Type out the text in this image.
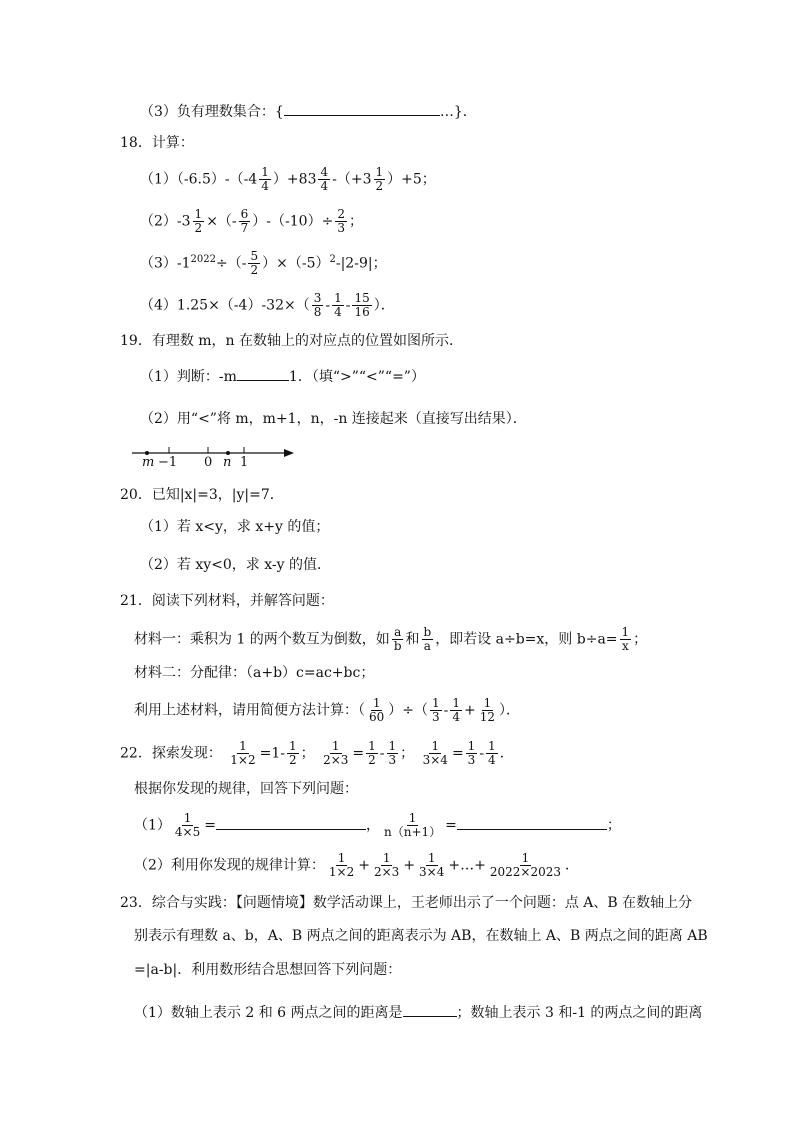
（3）负有理数集合：{	…}．
18．计算：
$(1)(-6.5)-(-4 \frac{1}{4} )+83 \frac{4}{4} -(+3 \frac{1}{2} )+5$；
$(2)-3 \frac{1}{2}$ ×（- $\frac{6}{7} )-(-10)\div \frac{2}{3}$ ；
$(3)-1^{2022}\div(- \frac{5}{2} )\times(-5)^2-|2-9|$；
$(4)1.25\times(-4)-32\times( \frac{3}{8} - \frac{1}{4} - \frac{15}{16}$ ）．
19．有理数 m，n 在数轴上的对应点的位置如图所示．
（1）判断：-m	1．（填“>”“<”“=”）
（2）用“<”将 m，m+1，n，-n 连接起来（直接写出结果）．
m −1 0 n 1
20．已知|x|=3，|y|=7．
（1）若 x<y，求 x+y 的值；
（2）若 xy<0，求 x-y 的值．
21．阅读下列材料，并解答问题：
材料一：乘积为 1 的两个数互为倒数，如 $\frac{a}{b}$ 和 $\frac{b}{a}$ ，即若设 a÷b=x，则 $b\div a= \frac{1}{x}$ ；
材料二：分配律：（a+b）c=ac+bc；
利用上述材料，请用简便方法计算：（ $\frac{1}{60}$ ）÷（ $\frac{1}{3} - \frac{1}{4} + \frac{1}{12}$ ）．
22．探索发现： $\frac{1}{1\times 2} =1- \frac{1}{2}$ ； $\frac{1}{2\times 3} = \frac{1}{2} - \frac{1}{3}$ ； $\frac{1}{3\times 4} = \frac{1}{3} - \frac{1}{4}$ ．
根据你发现的规律，回答下列问题：
$(1) \frac{1}{4\times 5}$ =	， $\frac{1}{n(n+1)}$ =	；
（2）利用你发现的规律计算： $\frac{1}{1\times 2} + \frac{1}{2\times 3} + \frac{1}{3\times 4}$ +…+ $\frac{1}{2022\times 2023}$ ．
23．综合与实践：【问题情境】数学活动课上，王老师出示了一个问题：点 A、B 在数轴上分
别表示有理数 a、b，A、B 两点之间的距离表示为 AB，在数轴上 A、B 两点之间的距离 AB
=|a-b|．利用数形结合思想回答下列问题：
（1）数轴上表示 2 和 6 两点之间的距离是	；数轴上表示 3 和-1 的两点之间的距离
